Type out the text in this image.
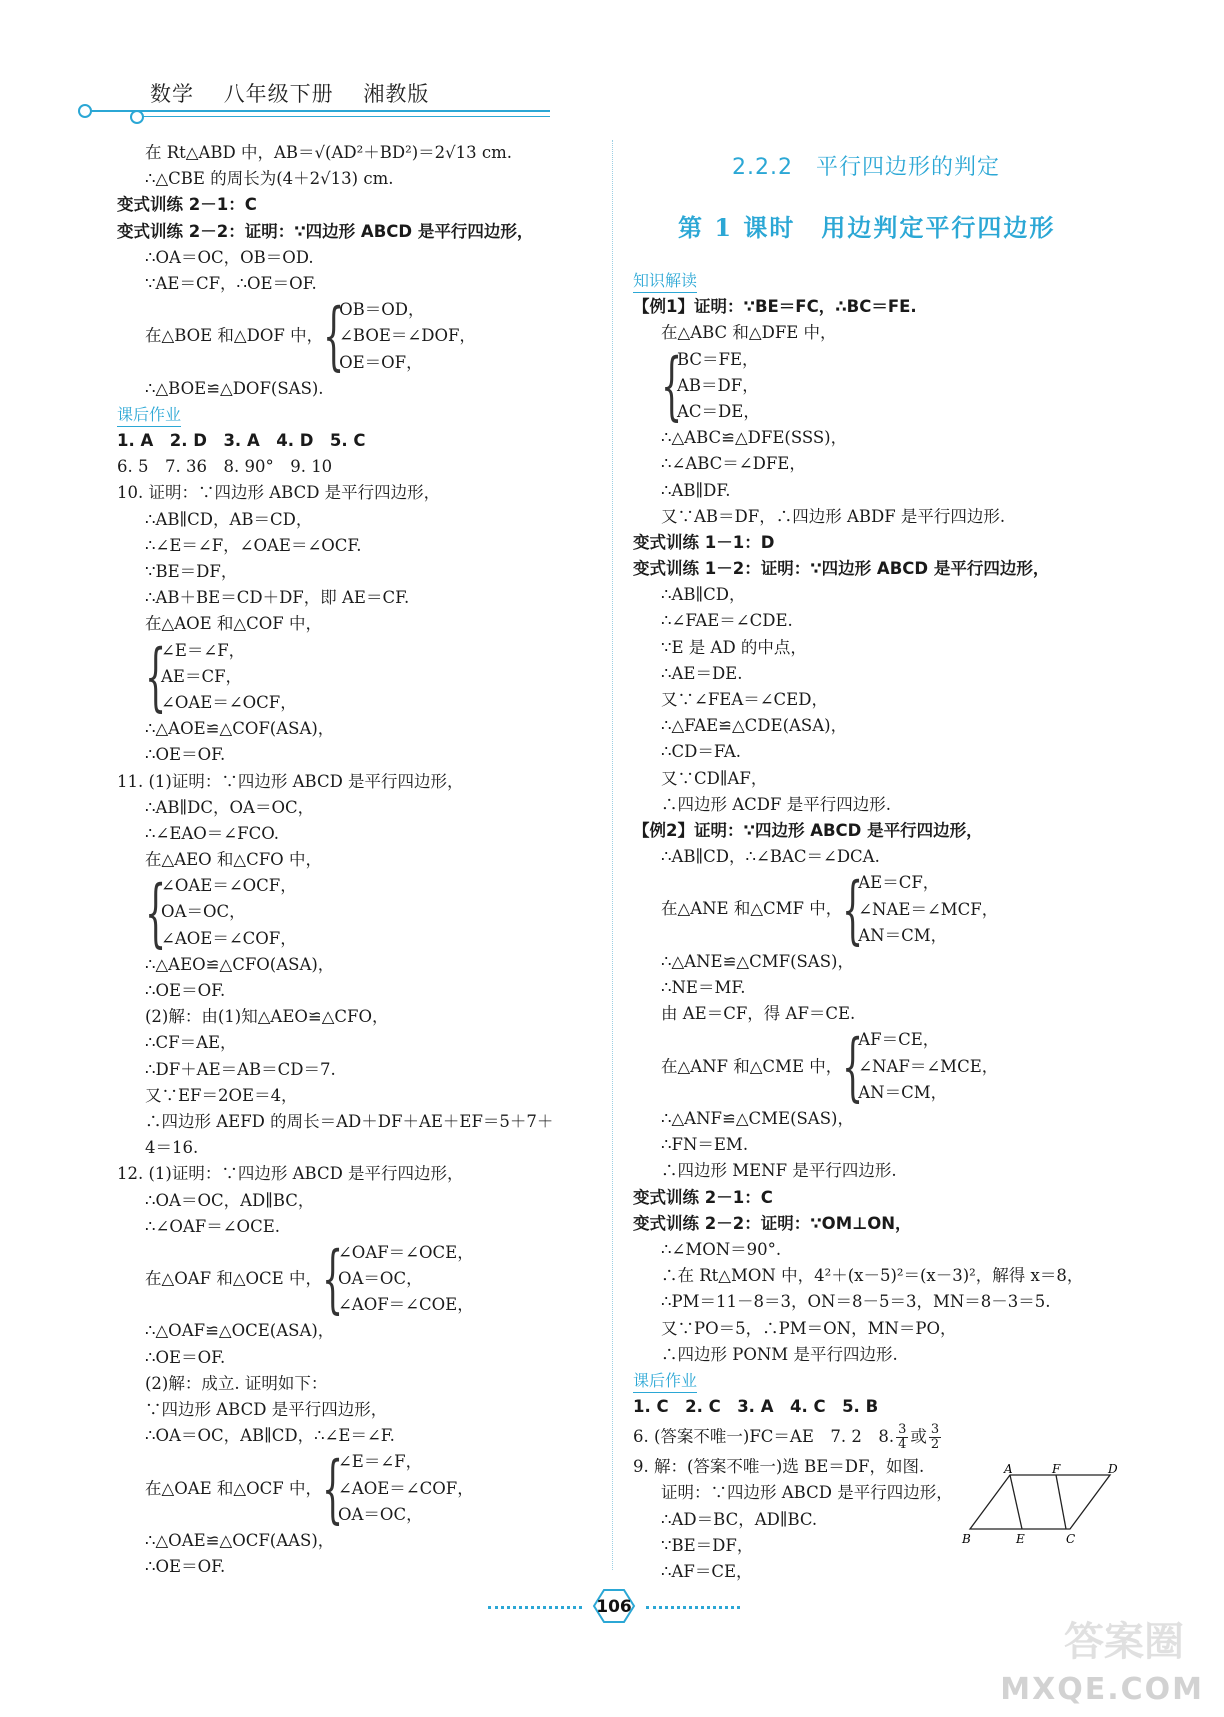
数学 八年级下册 湘教版
2.2.2　平行四边形的判定
第 1 课时　用边判定平行四边形
在 Rt△ABD 中，AB＝√(AD²＋BD²)＝2√13 cm.
∴△CBE 的周长为(4＋2√13) cm.
变式训练 2－1：C
变式训练 2－2：证明：∵四边形 ABCD 是平行四边形，
∴OA＝OC，OB＝OD.
∵AE＝CF，∴OE＝OF.
在△BOE 和△DOF 中， {
OB＝OD，
∠BOE＝∠DOF，
OE＝OF，
∴△BOE≌△DOF(SAS).
课后作业
1. A　2. D　3. A　4. D　5. C
6. 5　7. 36　8. 90°　9. 10
10. 证明：∵四边形 ABCD 是平行四边形，
∴AB∥CD，AB＝CD，
∴∠E＝∠F，∠OAE＝∠OCF.
∵BE＝DF，
∴AB＋BE＝CD＋DF，即 AE＝CF.
在△AOE 和△COF 中，
{
∠E＝∠F，
AE＝CF，
∠OAE＝∠OCF，
∴△AOE≌△COF(ASA)，
∴OE＝OF.
11. (1)证明：∵四边形 ABCD 是平行四边形，
∴AB∥DC，OA＝OC，
∴∠EAO＝∠FCO.
在△AEO 和△CFO 中，
{
∠OAE＝∠OCF，
OA＝OC，
∠AOE＝∠COF，
∴△AEO≌△CFO(ASA)，
∴OE＝OF.
(2)解：由(1)知△AEO≌△CFO，
∴CF＝AE，
∴DF＋AE＝AB＝CD＝7.
又∵EF＝2OE＝4，
∴四边形 AEFD 的周长＝AD＋DF＋AE＋EF＝5＋7＋
4＝16.
12. (1)证明：∵四边形 ABCD 是平行四边形，
∴OA＝OC，AD∥BC，
∴∠OAF＝∠OCE.
在△OAF 和△OCE 中， {
∠OAF＝∠OCE，
OA＝OC，
∠AOF＝∠COE，
∴△OAF≌△OCE(ASA)，
∴OE＝OF.
(2)解：成立. 证明如下：
∵四边形 ABCD 是平行四边形，
∴OA＝OC，AB∥CD，∴∠E＝∠F.
在△OAE 和△OCF 中， {
∠E＝∠F，
∠AOE＝∠COF，
OA＝OC，
∴△OAE≌△OCF(AAS)，
∴OE＝OF.
知识解读
【例1】证明：∵BE＝FC，∴BC＝FE.
在△ABC 和△DFE 中，
{
BC＝FE，
AB＝DF，
AC＝DE，
∴△ABC≌△DFE(SSS)，
∴∠ABC＝∠DFE，
∴AB∥DF.
又∵AB＝DF，∴四边形 ABDF 是平行四边形.
变式训练 1－1：D
变式训练 1－2：证明：∵四边形 ABCD 是平行四边形，
∴AB∥CD，
∴∠FAE＝∠CDE.
∵E 是 AD 的中点，
∴AE＝DE.
又∵∠FEA＝∠CED，
∴△FAE≌△CDE(ASA)，
∴CD＝FA.
又∵CD∥AF，
∴四边形 ACDF 是平行四边形.
【例2】证明：∵四边形 ABCD 是平行四边形，
∴AB∥CD，∴∠BAC＝∠DCA.
在△ANE 和△CMF 中， {
AE＝CF，
∠NAE＝∠MCF，
AN＝CM，
∴△ANE≌△CMF(SAS)，
∴NE＝MF.
由 AE＝CF，得 AF＝CE.
在△ANF 和△CME 中， {
AF＝CE，
∠NAF＝∠MCE，
AN＝CM，
∴△ANF≌△CME(SAS)，
∴FN＝EM.
∴四边形 MENF 是平行四边形.
变式训练 2－1：C
变式训练 2－2：证明：∵OM⊥ON，
∴∠MON＝90°.
∴在 Rt△MON 中，4²＋(x－5)²＝(x－3)²，解得 x＝8，
∴PM＝11－8＝3，ON＝8－5＝3，MN＝8－3＝5.
又∵PO＝5，∴PM＝ON，MN＝PO，
∴四边形 PONM 是平行四边形.
课后作业
1. C　2. C　3. A　4. C　5. B
6. (答案不唯一)FC＝AE　7. 2　8. $\frac{3}{4}$ 或 $\frac{3}{2}$
9. 解：(答案不唯一)选 BE＝DF，如图.
证明：∵四边形 ABCD 是平行四边形，
∴AD＝BC，AD∥BC.
∵BE＝DF，
∴AF＝CE，
A	F	D
B	E	C
106
答案圈
MXQE.COM
